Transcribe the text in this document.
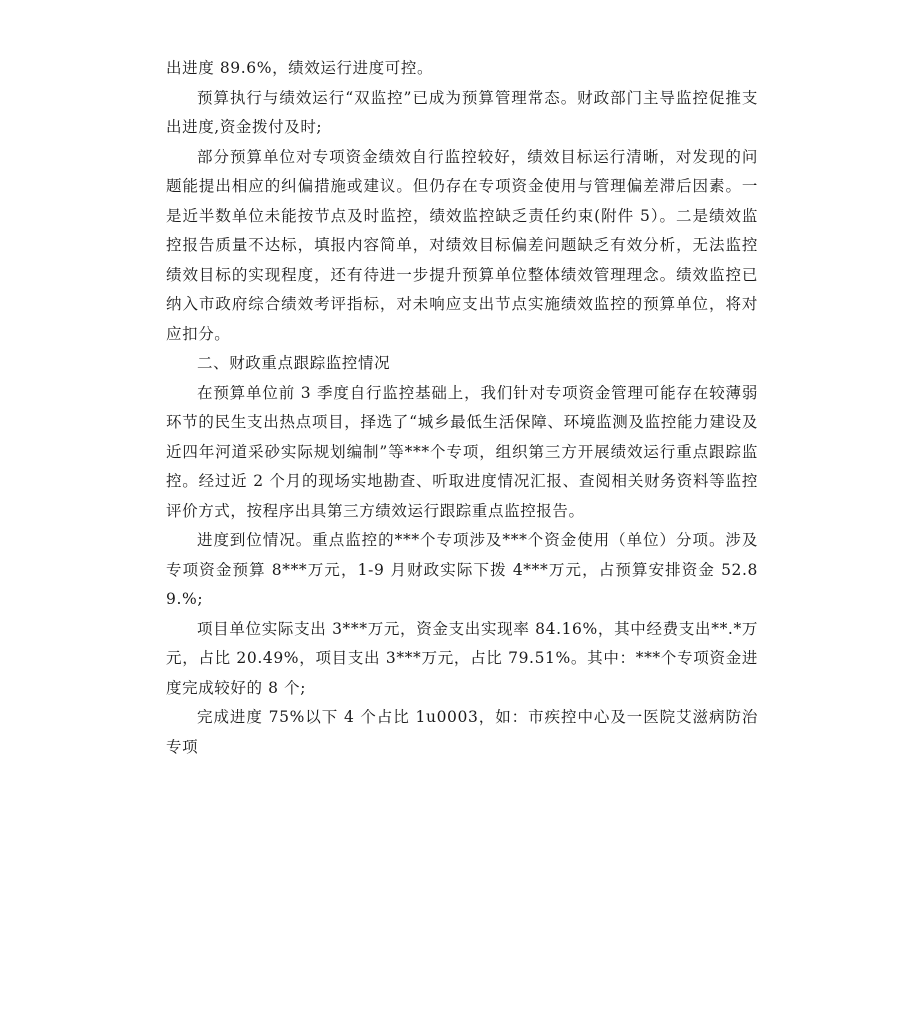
出进度 89.6%，绩效运行进度可控。

预算执行与绩效运行“双监控”已成为预算管理常态。财政部门主导监控促推支出进度,资金拨付及时;

部分预算单位对专项资金绩效自行监控较好，绩效目标运行清晰，对发现的问题能提出相应的纠偏措施或建议。但仍存在专项资金使用与管理偏差滞后因素。一是近半数单位未能按节点及时监控，绩效监控缺乏责任约束(附件 5）。二是绩效监控报告质量不达标，填报内容简单，对绩效目标偏差问题缺乏有效分析，无法监控绩效目标的实现程度，还有待进一步提升预算单位整体绩效管理理念。绩效监控已纳入市政府综合绩效考评指标，对未响应支出节点实施绩效监控的预算单位，将对应扣分。

二、财政重点跟踪监控情况

在预算单位前 3 季度自行监控基础上，我们针对专项资金管理可能存在较薄弱环节的民生支出热点项目，择选了“城乡最低生活保障、环境监测及监控能力建设及近四年河道采砂实际规划编制”等***个专项，组织第三方开展绩效运行重点跟踪监控。经过近 2 个月的现场实地勘查、听取进度情况汇报、查阅相关财务资料等监控评价方式，按程序出具第三方绩效运行跟踪重点监控报告。

进度到位情况。重点监控的***个专项涉及***个资金使用（单位）分项。涉及专项资金预算 8***万元，1-9 月财政实际下拨 4***万元，占预算安排资金 52.89.%;

项目单位实际支出 3***万元，资金支出实现率 84.16%，其中经费支出**.*万元，占比 20.49%，项目支出 3***万元，占比 79.51%。其中：***个专项资金进度完成较好的 8 个;

完成进度 75%以下 4 个占比 1u0003，如：市疾控中心及一医院艾滋病防治专项
